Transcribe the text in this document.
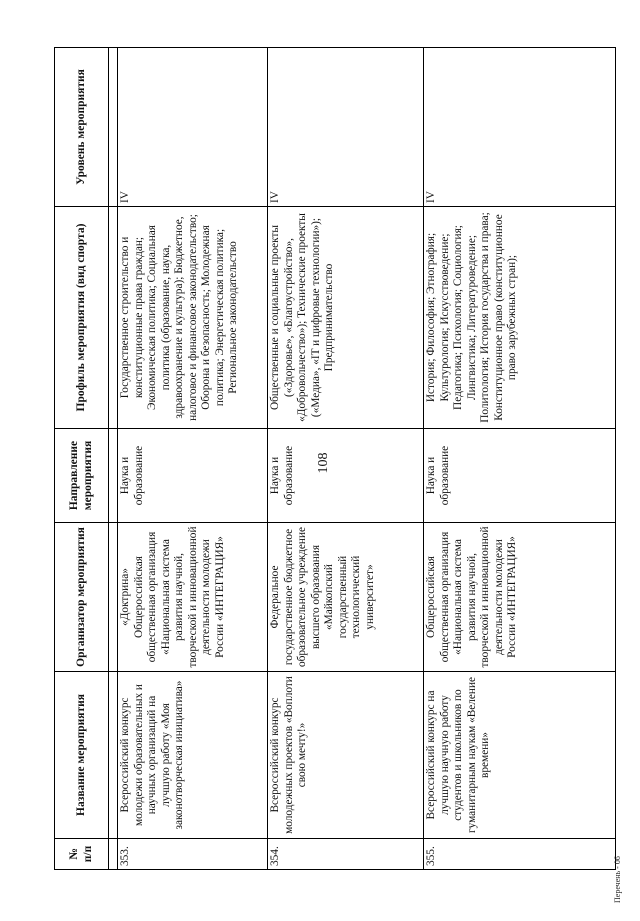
108
№ п/п	Название мероприятия	Организатор мероприятия	Направление мероприятия	Профиль мероприятия (вид спорта)	Уровень мероприятия

353.	Всероссийский конкурс молодежи образовательных и научных организаций на лучшую работу «Моя законотворческая инициатива»	«Доктрина» Общероссийская общественная организация «Национальная система развития научной, творческой и инновационной деятельности молодежи России «ИНТЕГРАЦИЯ»	Наука и образование	Государственное строительство и конституционные права граждан; Экономическая политика; Социальная политика (образование, наука, здравоохранение и культура); Бюджетное, налоговое и финансовое законодательство; Оборона и безопасность; Молодежная политика; Энергетическая политика; Региональное законодательство	IV
354.	Всероссийский конкурс молодежных проектов «Воплоти свою мечту!»	Федеральное государственное бюджетное образовательное учреждение высшего образования «Майкопский государственный технологический университет»	Наука и образование	Общественные и социальные проекты («Здоровье», «Благоустройство», «Добровольчество»); Технические проекты («Медиа», «IT и цифровые технологии»); Предпринимательство	IV
355.	Всероссийский конкурс на лучшую научную работу студентов и школьников по гуманитарным наукам «Веление времени»	Общероссийская общественная организация «Национальная система развития научной, творческой и инновационной деятельности молодежи России «ИНТЕГРАЦИЯ»	Наука и образование	История; Философия; Этнография; Культурология; Искусствоведение; Педагогика; Психология; Социология; Лингвистика; Литературоведение; Политология; История государства и права; Конституционное право (конституционное право зарубежных стран);	IV
Перечень - 06
